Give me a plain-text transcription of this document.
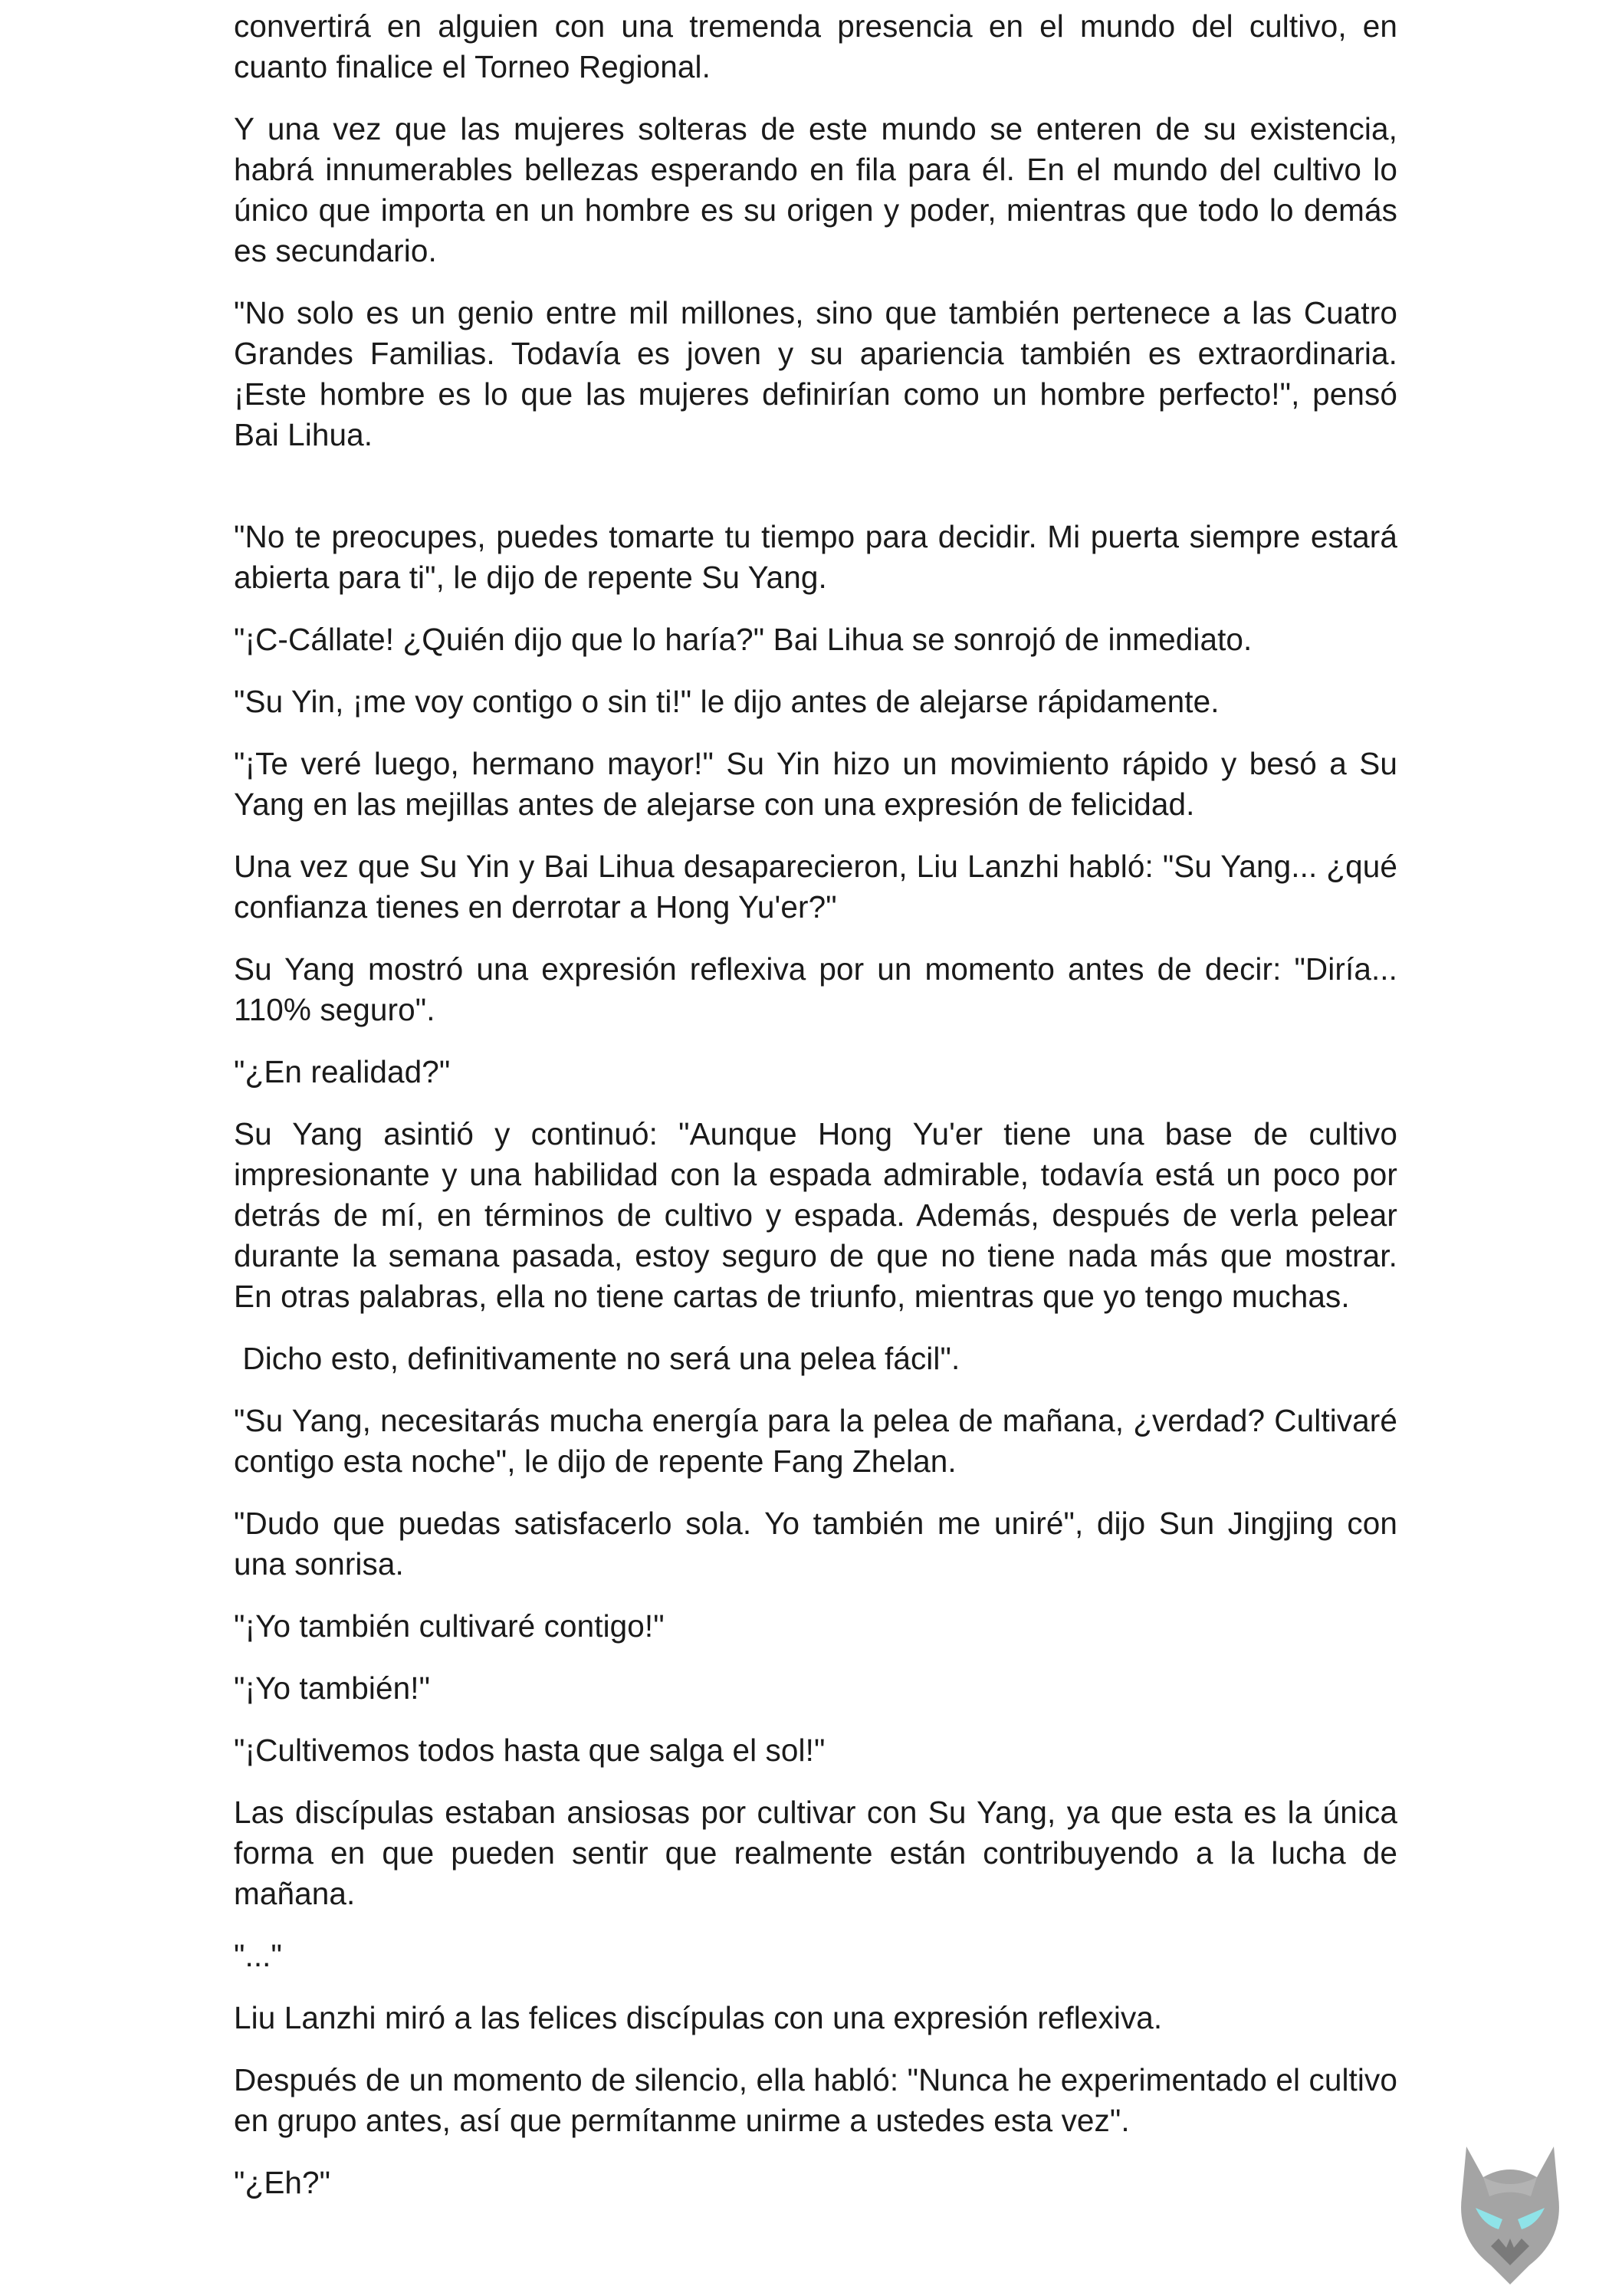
convertirá en alguien con una tremenda presencia en el mundo del cultivo, en cuanto finalice el Torneo Regional.

Y una vez que las mujeres solteras de este mundo se enteren de su existencia, habrá innumerables bellezas esperando en fila para él. En el mundo del cultivo lo único que importa en un hombre es su origen y poder, mientras que todo lo demás es secundario.

"No solo es un genio entre mil millones, sino que también pertenece a las Cuatro Grandes Familias. Todavía es joven y su apariencia también es extraordinaria. ¡Este hombre es lo que las mujeres definirían como un hombre perfecto!", pensó Bai Lihua.

"No te preocupes, puedes tomarte tu tiempo para decidir. Mi puerta siempre estará abierta para ti", le dijo de repente Su Yang.

"¡C-Cállate! ¿Quién dijo que lo haría?" Bai Lihua se sonrojó de inmediato.

"Su Yin, ¡me voy contigo o sin ti!" le dijo antes de alejarse rápidamente.

"¡Te veré luego, hermano mayor!" Su Yin hizo un movimiento rápido y besó a Su Yang en las mejillas antes de alejarse con una expresión de felicidad.

Una vez que Su Yin y Bai Lihua desaparecieron, Liu Lanzhi habló: "Su Yang... ¿qué confianza tienes en derrotar a Hong Yu'er?"

Su Yang mostró una expresión reflexiva por un momento antes de decir: "Diría... 110% seguro".

"¿En realidad?"

Su Yang asintió y continuó: "Aunque Hong Yu'er tiene una base de cultivo impresionante y una habilidad con la espada admirable, todavía está un poco por detrás de mí, en términos de cultivo y espada. Además, después de verla pelear durante la semana pasada, estoy seguro de que no tiene nada más que mostrar. En otras palabras, ella no tiene cartas de triunfo, mientras que yo tengo muchas.

Dicho esto, definitivamente no será una pelea fácil".

"Su Yang, necesitarás mucha energía para la pelea de mañana, ¿verdad? Cultivaré contigo esta noche", le dijo de repente Fang Zhelan.

"Dudo que puedas satisfacerlo sola. Yo también me uniré", dijo Sun Jingjing con una sonrisa.

"¡Yo también cultivaré contigo!"

"¡Yo también!"

"¡Cultivemos todos hasta que salga el sol!"

Las discípulas estaban ansiosas por cultivar con Su Yang, ya que esta es la única forma en que pueden sentir que realmente están contribuyendo a la lucha de mañana.

"..."

Liu Lanzhi miró a las felices discípulas con una expresión reflexiva.

Después de un momento de silencio, ella habló: "Nunca he experimentado el cultivo en grupo antes, así que permítanme unirme a ustedes esta vez".

"¿Eh?"
